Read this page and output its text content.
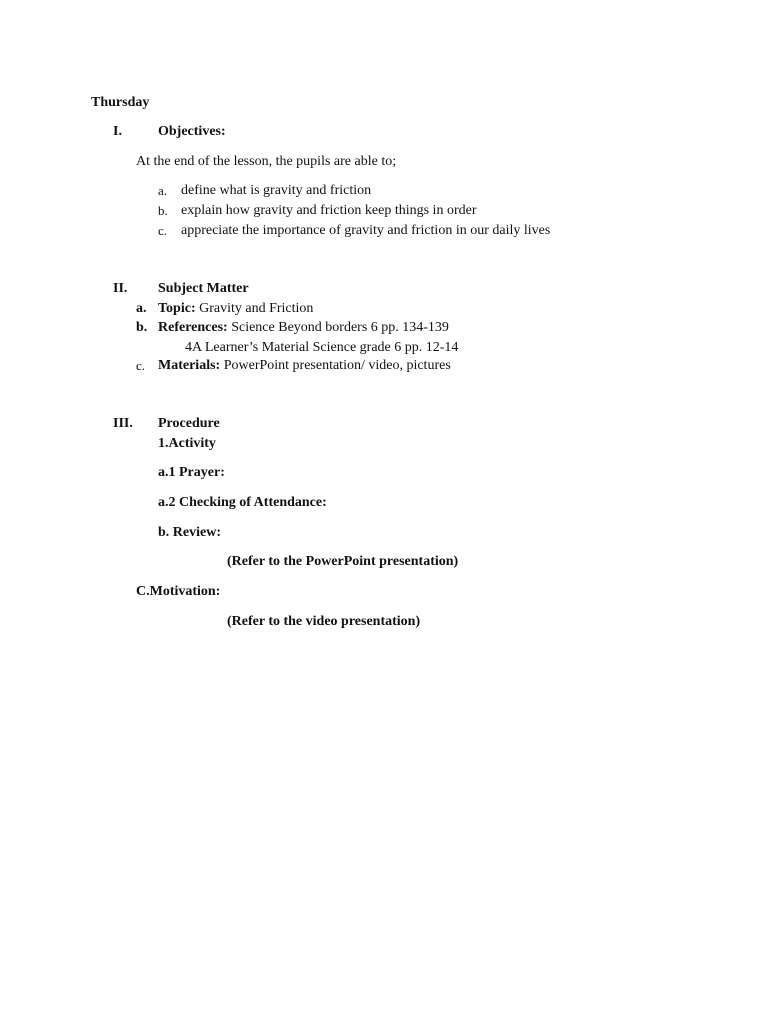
Thursday
I.	Objectives:
At the end of the lesson, the pupils are able to;
a. define what is gravity and friction
b. explain how gravity and friction keep things in order
c. appreciate the importance of gravity and friction in our daily lives
II. Subject Matter
a. Topic: Gravity and Friction
b. References: Science Beyond borders 6 pp. 134-139
4A Learner’s Material Science grade 6 pp. 12-14
c. Materials: PowerPoint presentation/ video, pictures
III. Procedure
1.Activity
a.1 Prayer:
a.2 Checking of Attendance:
b. Review:
(Refer to the PowerPoint presentation)
C.Motivation:
(Refer to the video presentation)
